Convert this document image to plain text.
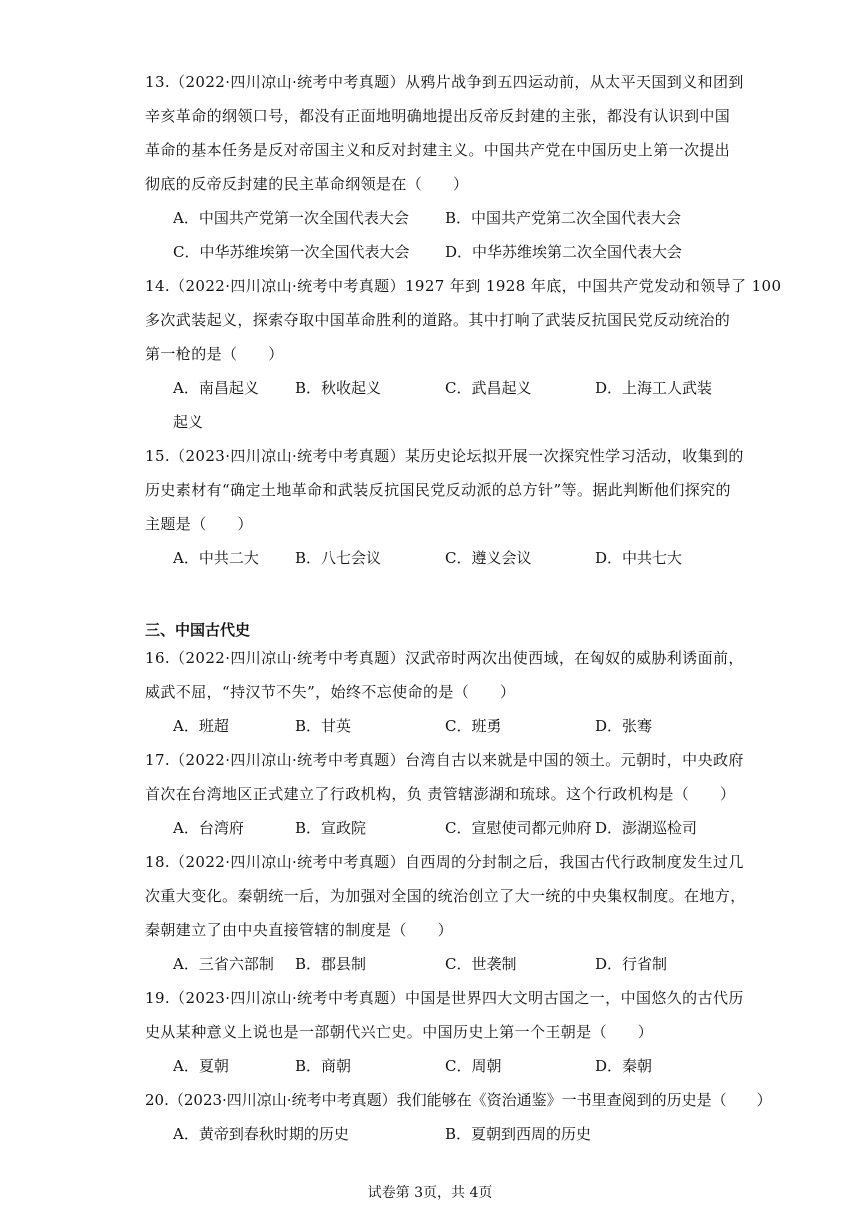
13.（2022·四川凉山·统考中考真题）从鸦片战争到五四运动前，从太平天国到义和团到
辛亥革命的纲领口号，都没有正面地明确地提出反帝反封建的主张，都没有认识到中国
革命的基本任务是反对帝国主义和反对封建主义。中国共产党在中国历史上第一次提出
彻底的反帝反封建的民主革命纲领是在（　　）
A．中国共产党第一次全国代表大会 B．中国共产党第二次全国代表大会
C．中华苏维埃第一次全国代表大会 D．中华苏维埃第二次全国代表大会
14.（2022·四川凉山·统考中考真题）1927 年到 1928 年底，中国共产党发动和领导了 100
多次武装起义，探索夺取中国革命胜利的道路。其中打响了武装反抗国民党反动统治的
第一枪的是（　　）
A．南昌起义 B．秋收起义	C．武昌起义	D．上海工人武装
起义
15.（2023·四川凉山·统考中考真题）某历史论坛拟开展一次探究性学习活动，收集到的
历史素材有“确定土地革命和武装反抗国民党反动派的总方针”等。据此判断他们探究的
主题是（　　）
A．中共二大 B．八七会议	C．遵义会议	D．中共七大
三、中国古代史
16.（2022·四川凉山·统考中考真题）汉武帝时两次出使西域，在匈奴的威胁利诱面前，
威武不屈，“持汉节不失”，始终不忘使命的是（　　）
A．班超	B．甘英	C．班勇	D．张骞
17.（2022·四川凉山·统考中考真题）台湾自古以来就是中国的领土。元朝时，中央政府
首次在台湾地区正式建立了行政机构，负 责管辖澎湖和琉球。这个行政机构是（　　）
A．台湾府	B．宣政院	C．宣慰使司都元帅府 D．澎湖巡检司
18.（2022·四川凉山·统考中考真题）自西周的分封制之后，我国古代行政制度发生过几
次重大变化。秦朝统一后，为加强对全国的统治创立了大一统的中央集权制度。在地方，
秦朝建立了由中央直接管辖的制度是（　　）
A．三省六部制 B．郡县制	C．世袭制	D．行省制
19.（2023·四川凉山·统考中考真题）中国是世界四大文明古国之一，中国悠久的古代历
史从某种意义上说也是一部朝代兴亡史。中国历史上第一个王朝是（　　）
A．夏朝	B．商朝	C．周朝	D．秦朝
20.（2023·四川凉山·统考中考真题）我们能够在《资治通鉴》一书里查阅到的历史是（　　）
A．黄帝到春秋时期的历史	B．夏朝到西周的历史
试卷第 3页，共 4页
